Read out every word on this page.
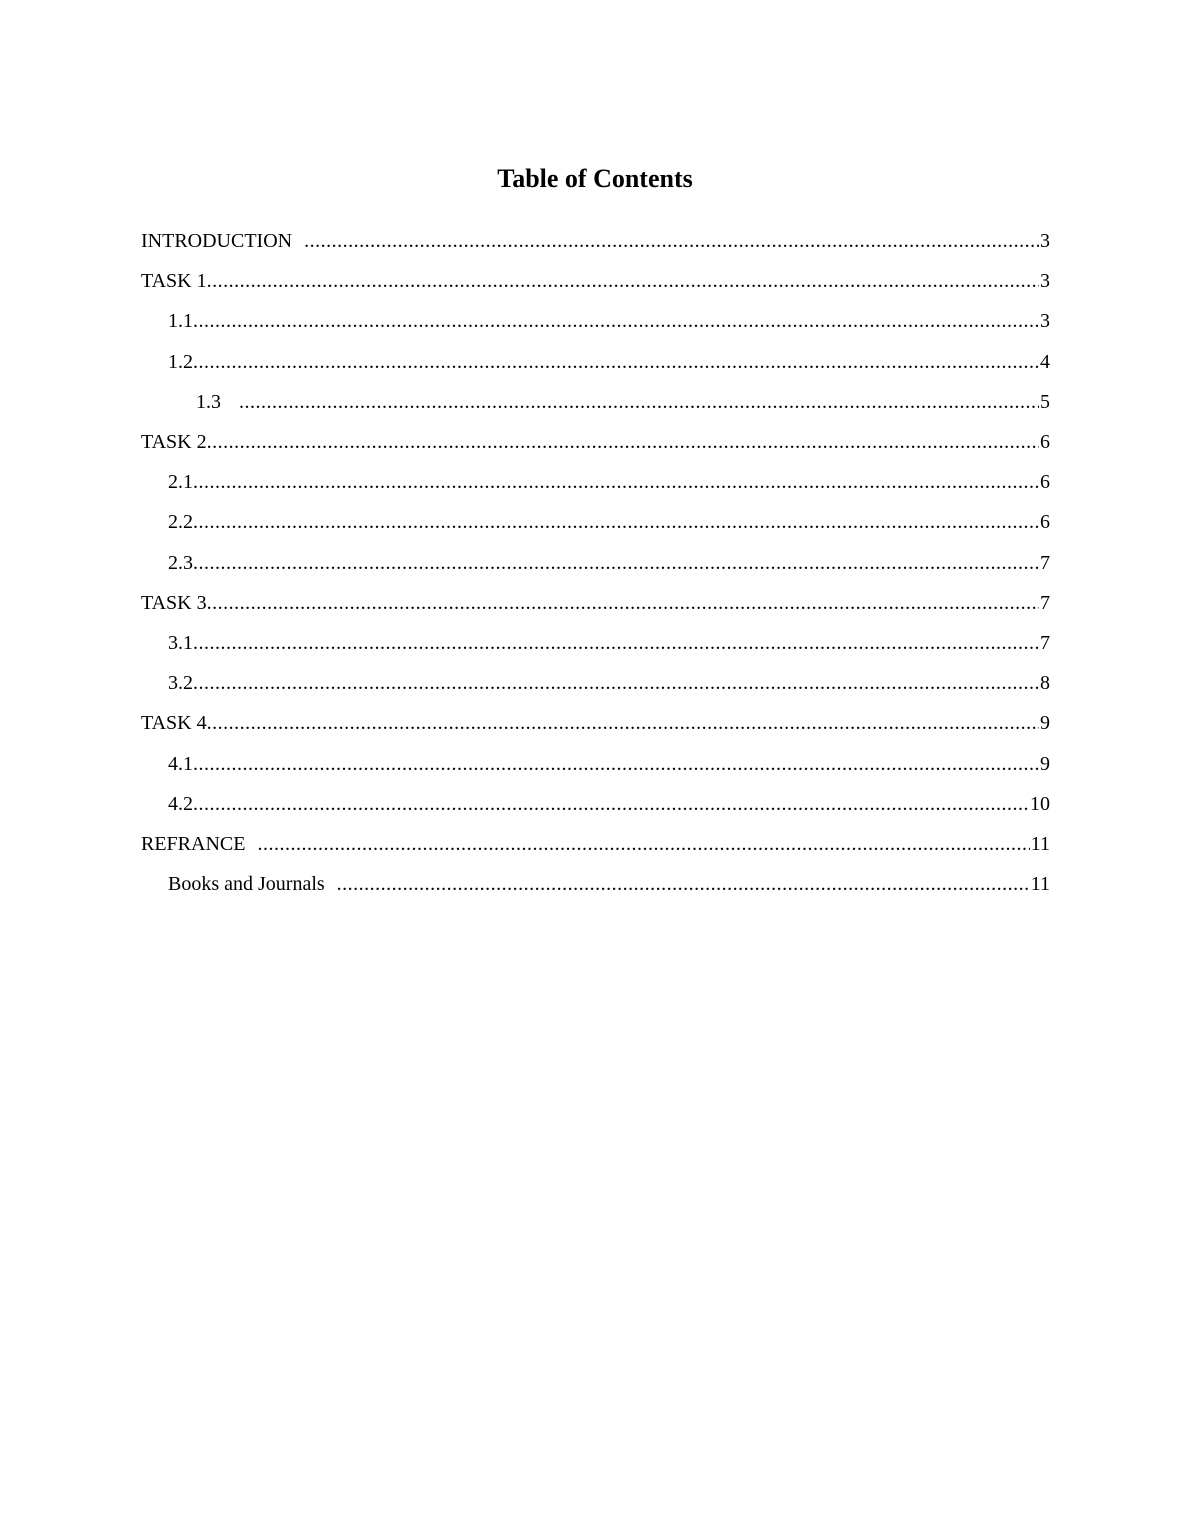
Table of Contents
INTRODUCTION .....	3
TASK 1 .....	3
1.1 .....	3
1.2 .....	4
1.3 .....	5
TASK 2 .....	6
2.1 .....	6
2.2 .....	6
2.3 .....	7
TASK 3 .....	7
3.1 .....	7
3.2 .....	8
TASK 4 .....	9
4.1 .....	9
4.2 .....	10
REFRANCE .....	11
Books and Journals .....	11
